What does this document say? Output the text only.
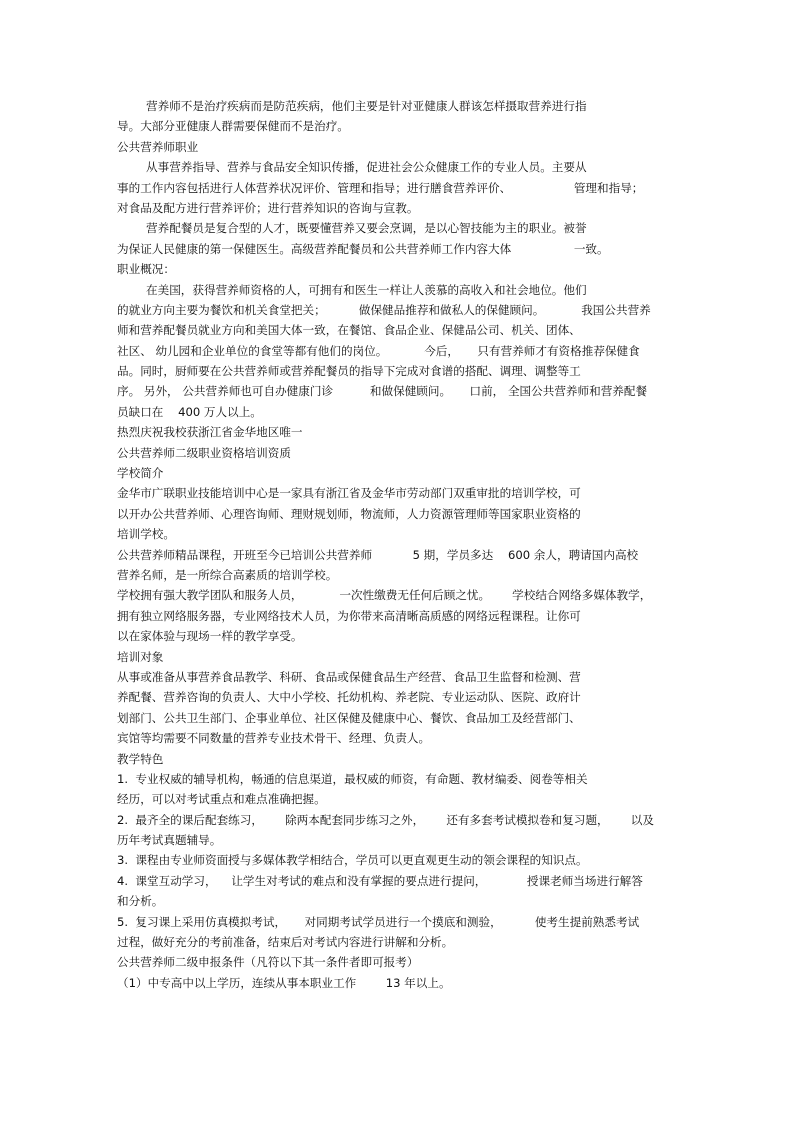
营养师不是治疗疾病而是防范疾病，他们主要是针对亚健康人群该怎样摄取营养进行指
导。大部分亚健康人群需要保健而不是治疗。
公共营养师职业
从事营养指导、营养与食品安全知识传播，促进社会公众健康工作的专业人员。主要从
事的工作内容包括进行人体营养状况评价、管理和指导；进行膳食营养评价、                 管理和指导；
对食品及配方进行营养评价；进行营养知识的咨询与宣教。
营养配餐员是复合型的人才，既要懂营养又要会烹调，是以心智技能为主的职业。被誉
为保证人民健康的第一保健医生。高级营养配餐员和公共营养师工作内容大体                 一致。
职业概况：
在美国，获得营养师资格的人，可拥有和医生一样让人羡慕的高收入和社会地位。他们
的就业方向主要为餐饮和机关食堂把关；         做保健品推荐和做私人的保健顾问。          我国公共营养
师和营养配餐员就业方向和美国大体一致，在餐馆、食品企业、保健品公司、机关、团体、
社区、 幼儿园和企业单位的食堂等都有他们的岗位。          今后，     只有营养师才有资格推荐保健食
品。同时，厨师要在公共营养师或营养配餐员的指导下完成对食谱的搭配、调理、调整等工
序。 另外， 公共营养师也可自办健康门诊          和做保健顾问。     口前， 全国公共营养师和营养配餐
员缺口在    400 万人以上。
热烈庆祝我校获浙江省金华地区唯一
公共营养师二级职业资格培训资质
学校简介
金华市广联职业技能培训中心是一家具有浙江省及金华市劳动部门双重审批的培训学校，可
以开办公共营养师、心理咨询师、理财规划师，物流师，人力资源管理师等国家职业资格的
培训学校。
公共营养师精品课程，开班至今已培训公共营养师           5 期，学员多达    600 余人，聘请国内高校
营养名师，是一所综合高素质的培训学校。
学校拥有强大教学团队和服务人员，          一次性缴费无任何后顾之忧。      学校结合网络多媒体教学，
拥有独立网络服务器，专业网络技术人员，为你带来高清晰高质感的网络远程课程。让你可
以在家体验与现场一样的教学享受。
培训对象
从事或准备从事营养食品教学、科研、食品或保健食品生产经营、食品卫生监督和检测、营
养配餐、营养咨询的负责人、大中小学校、托幼机构、养老院、专业运动队、医院、政府计
划部门、公共卫生部门、企事业单位、社区保健及健康中心、餐饮、食品加工及经营部门、
宾馆等均需要不同数量的营养专业技术骨干、经理、负责人。
教学特色
1.  专业权威的辅导机构，畅通的信息渠道，最权威的师资，有命题、教材编委、阅卷等相关
经历，可以对考试重点和难点准确把握。
2.  最齐全的课后配套练习，      除两本配套同步练习之外，      还有多套考试模拟卷和复习题，      以及
历年考试真题辅导。
3.  课程由专业师资面授与多媒体教学相结合，学员可以更直观更生动的领会课程的知识点。
4.  课堂互动学习，    让学生对考试的难点和没有掌握的要点进行提问，           授课老师当场进行解答
和分析。
5.  复习课上采用仿真模拟考试，     对同期考试学员进行一个摸底和测验，         使考生提前熟悉考试
过程，做好充分的考前准备，结束后对考试内容进行讲解和分析。
公共营养师二级申报条件（凡符以下其一条件者即可报考）
（1）中专高中以上学历，连续从事本职业工作        13 年以上。
